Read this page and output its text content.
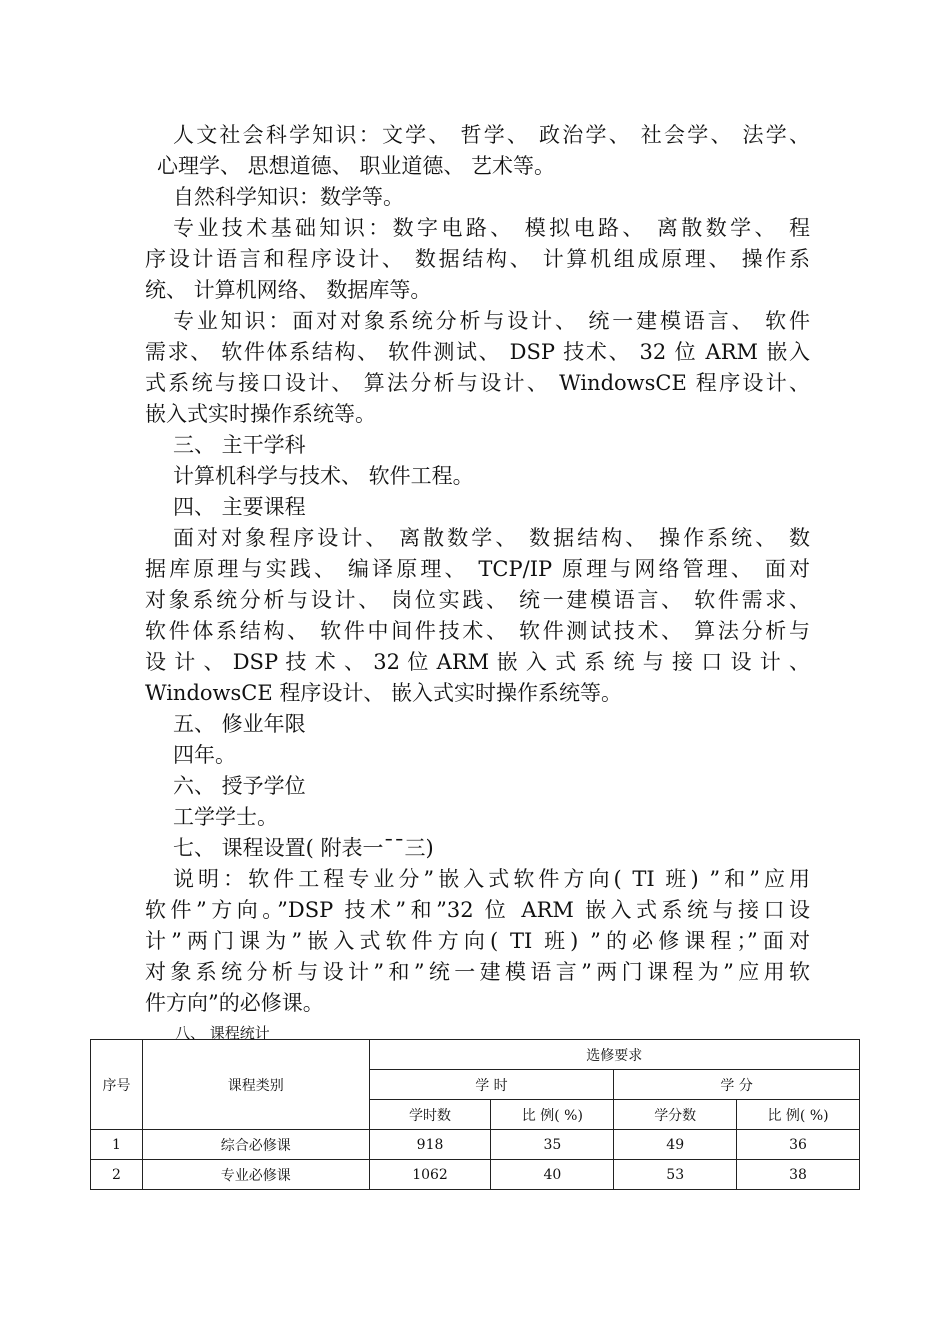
人文社会科学知识：文学、 哲学、 政治学、 社会学、 法学、
心理学、 思想道德、 职业道德、 艺术等。
自然科学知识：数学等。
专业技术基础知识：数字电路、 模拟电路、 离散数学、 程
序设计语言和程序设计、 数据结构、 计算机组成原理、 操作系
统、 计算机网络、 数据库等。
专业知识：面对对象系统分析与设计、 统一建模语言、 软件
需求、 软件体系结构、 软件测试、 DSP 技术、 32 位 ARM 嵌入
式系统与接口设计、 算法分析与设计、 WindowsCE 程序设计、
嵌入式实时操作系统等。
三、 主干学科
计算机科学与技术、 软件工程。
四、 主要课程
面对对象程序设计、 离散数学、 数据结构、 操作系统、 数
据库原理与实践、 编译原理、 TCP/IP 原理与网络管理、 面对
对象系统分析与设计、 岗位实践、 统一建模语言、 软件需求、
软件体系结构、 软件中间件技术、 软件测试技术、 算法分析与
设 计 、 DSP 技 术 、 32 位 ARM 嵌 入 式 系 统 与 接 口 设 计 、
WindowsCE 程序设计、 嵌入式实时操作系统等。
五、 修业年限
四年。
六、 授予学位
工学学士。
七、 课程设置( 附表一¯¯三)
说明：软件工程专业分”嵌入式软件方向( TI 班) ”和”应用
软件”方向。”DSP 技术”和”32 位 ARM 嵌入式系统与接口设
计”两门课为”嵌入式软件方向( TI 班) ”的必修课程；”面对
对象系统分析与设计”和”统一建模语言”两门课程为”应用软
件方向”的必修课。
八、 课程统计
序号	课程类别	选修要求			
		学 时		学 分	
		学时数	比 例( %)	学分数	比 例( %)
1	综合必修课	918	35	49	36
2	专业必修课	1062	40	53	38
